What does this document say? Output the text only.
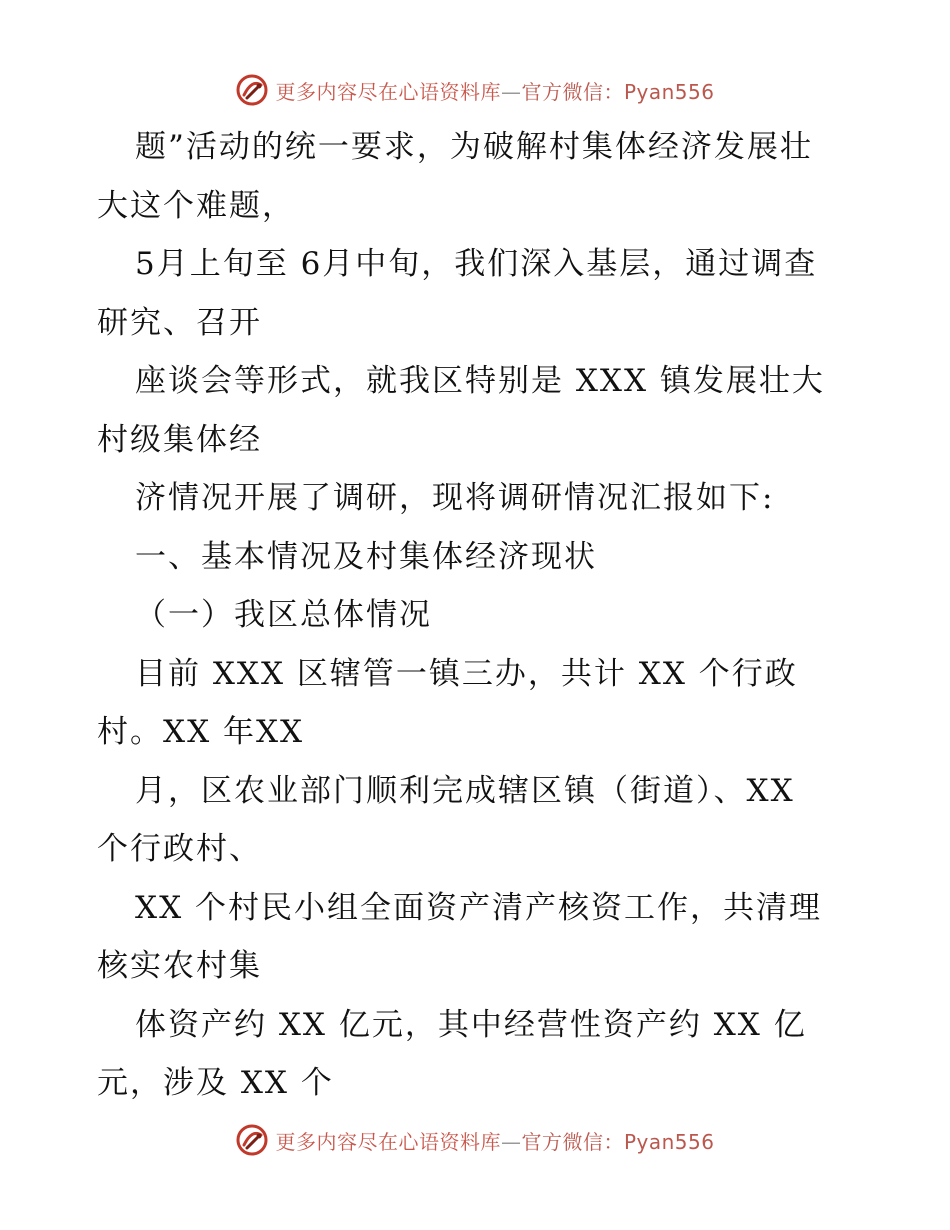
更多内容尽在心语资料库—官方微信：Pyan556
题”活动的统一要求，为破解村集体经济发展壮
大这个难题，
5月上旬至 6月中旬，我们深入基层，通过调查
研究、召开
座谈会等形式，就我区特别是 XXX 镇发展壮大
村级集体经
济情况开展了调研，现将调研情况汇报如下:
一、基本情况及村集体经济现状
（一）我区总体情况
目前 XXX 区辖管一镇三办，共计 XX 个行政
村。XX 年XX
月，区农业部门顺利完成辖区镇（街道）、XX
个行政村、
XX 个村民小组全面资产清产核资工作，共清理
核实农村集
体资产约 XX 亿元，其中经营性资产约 XX 亿
元，涉及 XX 个
更多内容尽在心语资料库—官方微信：Pyan556
